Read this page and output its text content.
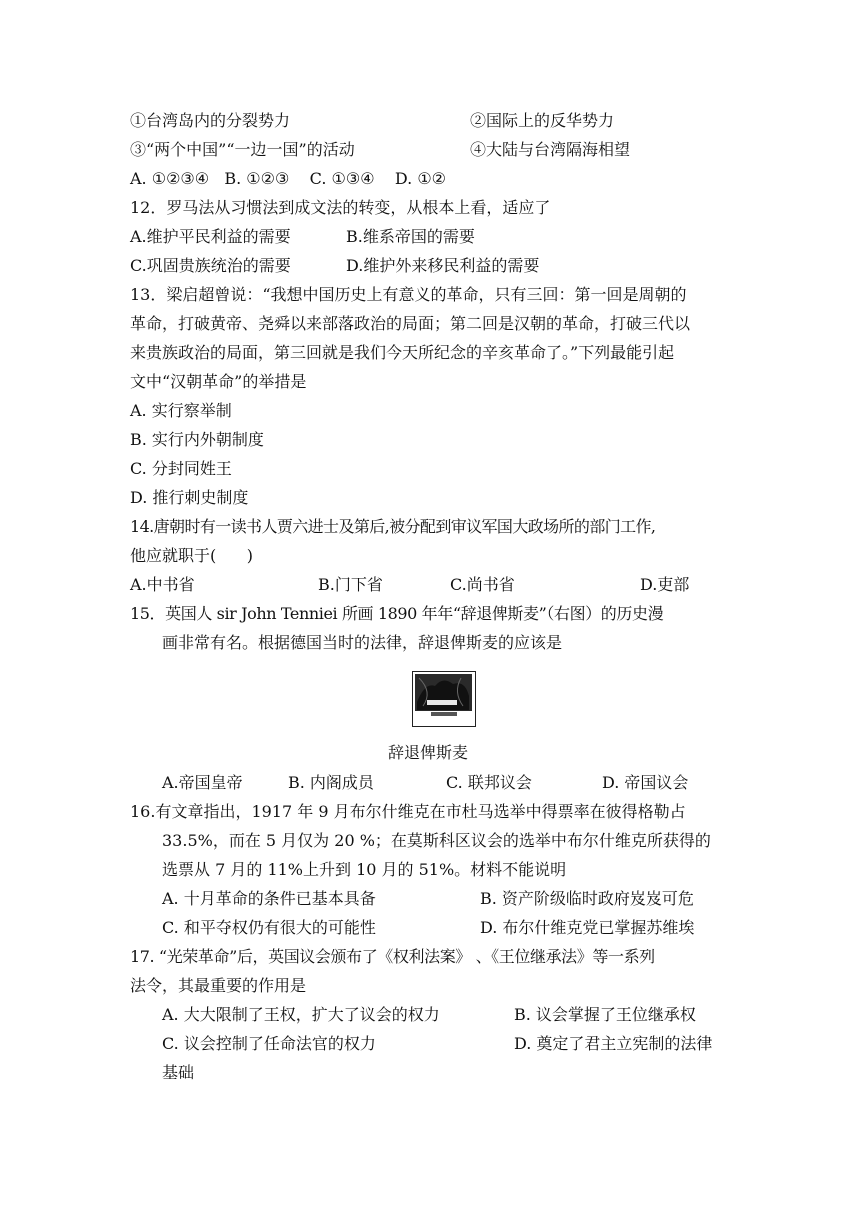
①台湾岛内的分裂势力	②国际上的反华势力
③“两个中国”“一边一国”的活动	④大陆与台湾隔海相望
A. ①②③④   B. ①②③    C. ①③④    D. ①②
12．罗马法从习惯法到成文法的转变，从根本上看，适应了
A.维护平民利益的需要	B.维系帝国的需要
C.巩固贵族统治的需要	D.维护外来移民利益的需要
13．梁启超曾说：“我想中国历史上有意义的革命，只有三回：第一回是周朝的
革命，打破黄帝、尧舜以来部落政治的局面；第二回是汉朝的革命，打破三代以
来贵族政治的局面，第三回就是我们今天所纪念的辛亥革命了。”下列最能引起
文中“汉朝革命”的举措是
A. 实行察举制
B. 实行内外朝制度
C. 分封同姓王
D. 推行刺史制度
14.唐朝时有一读书人贾六进士及第后,被分配到审议军国大政场所的部门工作,
他应就职于(      )
A.中书省	B.门下省	C.尚书省	D.吏部
15．英国人 sir John Tenniei 所画 1890 年年“辞退俾斯麦”（右图）的历史漫
画非常有名。根据德国当时的法律，辞退俾斯麦的应该是
辞退俾斯麦
A.帝国皇帝	B. 内阁成员	C. 联邦议会	D. 帝国议会
16.有文章指出，1917 年 9 月布尔什维克在市杜马选举中得票率在彼得格勒占
33.5%，而在 5 月仅为 20 %；在莫斯科区议会的选举中布尔什维克所获得的
选票从 7 月的 11%上升到 10 月的 51%。材料不能说明
A. 十月革命的条件已基本具备	B. 资产阶级临时政府岌岌可危
C. 和平夺权仍有很大的可能性	D. 布尔什维克党已掌握苏维埃
17. “光荣革命”后，英国议会颁布了《权利法案》 、《王位继承法》等一系列
法令，其最重要的作用是
A. 大大限制了王权，扩大了议会的权力	B. 议会掌握了王位继承权
C. 议会控制了任命法官的权力	D. 奠定了君主立宪制的法律
基础
